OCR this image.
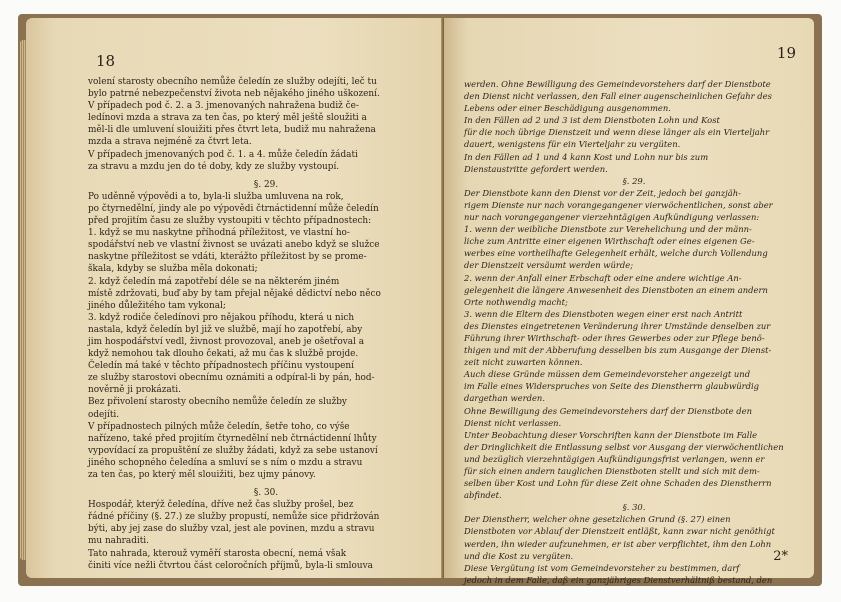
18
volení starosty obecního nemůže čeledín ze služby odejíti, leč tu
bylo patrné nebezpečenství života neb nějakého jiného uškození.
V případech pod č. 2. a 3. jmenovaných nahražena budiž če-
ledínovi mzda a strava za ten čas, po který měl ještě sloužiti a
měl-li dle umluvení slouižiti přes čtvrt leta, budiž mu nahražena
mzda a strava nejméně za čtvrt leta.
V případech jmenovaných pod č. 1. a 4. může čeledín žádati
za stravu a mzdu jen do té doby, kdy ze služby vystoupí.
§. 29.
Po uděnně výpovědi a to, byla-li služba umluvena na rok,
po čtyrnedělní, jindy ale po výpovědi čtrnáctidenní může čeledín
před projitím času ze služby vystoupiti v těchto případnostech:
1. když se mu naskytne příhodná příležitost, ve vlastní ho-
spodářství neb ve vlastní živnost se uvázati anebo když se služce
naskytne příležitost se vdáti, kterážto příležitost by se prome-
škala, kdyby se služba měla dokonati;
2. když čeledín má zapotřebí déle se na některém jiném
místě zdržovati, buď aby by tam přejal nějaké dědictví nebo něco
jiného důležitého tam vykonal;
3. když rodiče čeledínovi pro nějakou příhodu, která u nich
nastala, když čeledín byl již ve službě, mají ho zapotřebí, aby
jim hospodářství vedl, živnost provozoval, aneb je ošetřoval a
když nemohou tak dlouho čekati, až mu čas k službě projde.
Čeledín má také v těchto případnostech příčinu vystoupení
ze služby starostovi obecnímu oznámiti a odpíral-li by pán, hod-
nověrně ji prokázati.
Bez přivolení starosty obecního nemůže čeledín ze služby
odejíti.
V případnostech pilných může čeledín, šetře toho, co výše
nařízeno, také před projitím čtyrnedělní neb čtrnáctidenní lhůty
vypovídací za propuštění ze služby žádati, když za sebe ustanoví
jiného schopného čeledína a smluví se s ním o mzdu a stravu
za ten čas, po který měl slouižiti, bez ujmy pánovy.
§. 30.
Hospodář, kterýž čeledína, dříve než čas služby prošel, bez
řádné příčiny (§. 27.) ze služby propustí, nemůže sice přidržován
býti, aby jej zase do služby vzal, jest ale povinen, mzdu a stravu
mu nahraditi.
Tato nahrada, kterouž vyměří starosta obecní, nemá však
činiti více nežli čtvrtou část celoročních příjmů, byla-li smlouva
19
werden. Ohne Bewilligung des Gemeindevorstehers darf der Dienstbote
den Dienst nicht verlassen, den Fall einer augenscheinlichen Gefahr des
Lebens oder einer Beschädigung ausgenommen.
In den Fällen ad 2 und 3 ist dem Dienstboten Lohn und Kost
für die noch übrige Dienstzeit und wenn diese länger als ein Vierteljahr
dauert, wenigstens für ein Vierteljahr zu vergüten.
In den Fällen ad 1 und 4 kann Kost und Lohn nur bis zum
Dienstaustritte gefordert werden.
§. 29.
Der Dienstbote kann den Dienst vor der Zeit, jedoch bei ganzjäh-
rigem Dienste nur nach vorangegangener vierwöchentlichen, sonst aber
nur nach vorangegangener vierzehntägigen Aufkündigung verlassen:
1. wenn der weibliche Dienstbote zur Verehelichung und der männ-
liche zum Antritte einer eigenen Wirthschaft oder eines eigenen Ge-
werbes eine vortheilhafte Gelegenheit erhält, welche durch Vollendung
der Dienstzeit versäumt werden würde;
2. wenn der Anfall einer Erbschaft oder eine andere wichtige An-
gelegenheit die längere Anwesenheit des Dienstboten an einem andern
Orte nothwendig macht;
3. wenn die Eltern des Dienstboten wegen einer erst nach Antritt
des Dienstes eingetretenen Veränderung ihrer Umstände denselben zur
Führung ihrer Wirthschaft- oder ihres Gewerbes oder zur Pflege benö-
thigen und mit der Abberufung desselben bis zum Ausgange der Dienst-
zeit nicht zuwarten können.
Auch diese Gründe müssen dem Gemeindevorsteher angezeigt und
im Falle eines Widerspruches von Seite des Dienstherrn glaubwürdig
dargethan werden.
Ohne Bewilligung des Gemeindevorstehers darf der Dienstbote den
Dienst nicht verlassen.
Unter Beobachtung dieser Vorschriften kann der Dienstbote im Falle
der Dringlichkeit die Entlassung selbst vor Ausgang der vierwöchentlichen
und bezüglich vierzehntägigen Aufkündigungsfrist verlangen, wenn er
für sich einen andern tauglichen Dienstboten stellt und sich mit dem-
selben über Kost und Lohn für diese Zeit ohne Schaden des Dienstherrn
abfindet.
§. 30.
Der Dienstherr, welcher ohne gesetzlichen Grund (§. 27) einen
Dienstboten vor Ablauf der Dienstzeit entläßt, kann zwar nicht genöthigt
werden, ihn wieder aufzunehmen, er ist aber verpflichtet, ihm den Lohn
und die Kost zu vergüten.
Diese Vergütung ist vom Gemeindevorsteher zu bestimmen, darf
jedoch in dem Falle, daß ein ganzjähriges Dienstverhältniß bestand, den
2*
